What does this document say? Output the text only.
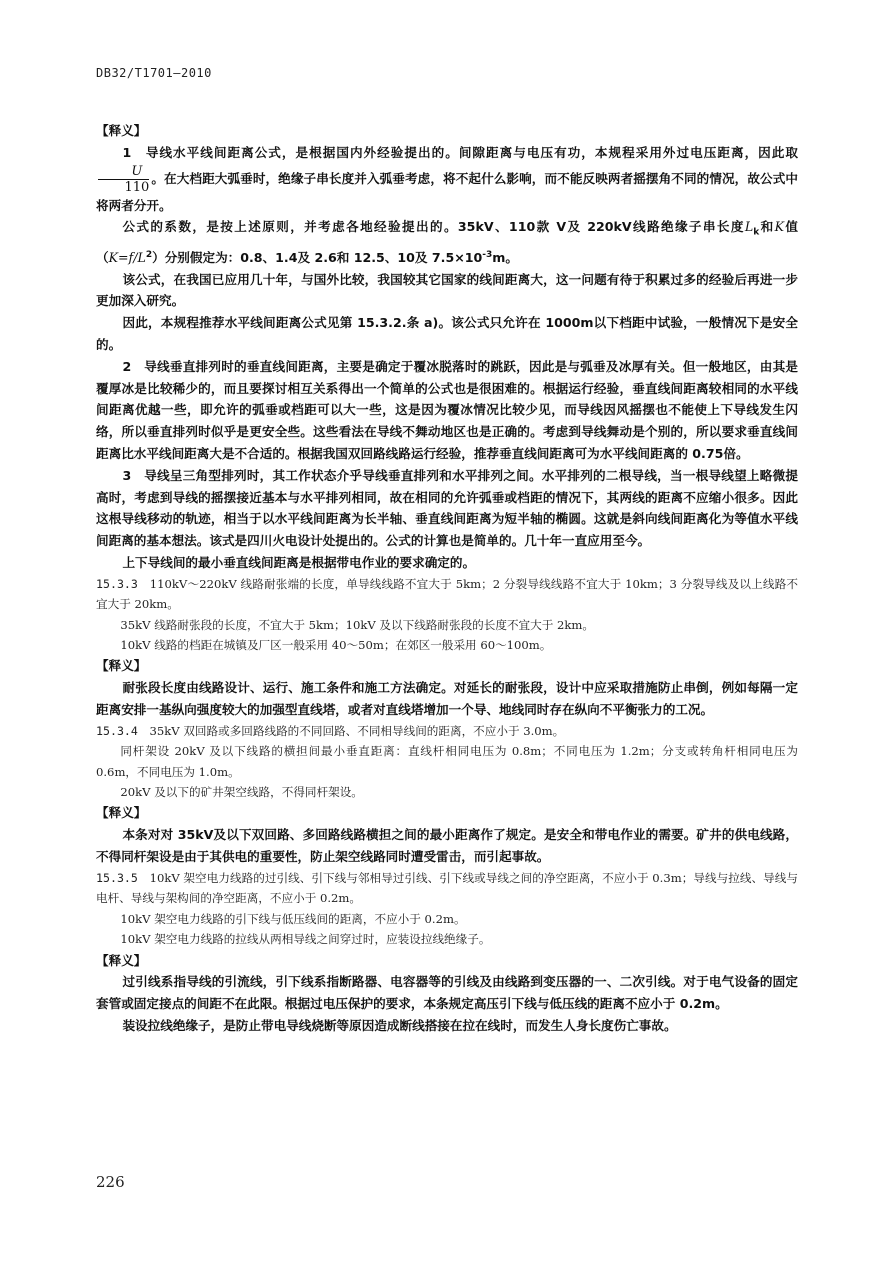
DB32/T1701—2010

【释义】

1　导线水平线间距离公式，是根据国内外经验提出的。间隙距离与电压有功，本规程采用外过电压距离，因此取
$\frac{U}{110}$ 。在大档距大弧垂时，绝缘子串长度并入弧垂考虑，将不起什么影响，而不能反映两者摇摆角不同的情况，故公式中将两者分开。

公式的系数，是按上述原则，并考虑各地经验提出的。35kV、110款 V及 220kV线路绝缘子串长度$L_k$和K值$(K=f/L^2)$分别假定为：0.8、1.4及 2.6和 12.5、10及 $7.5\times 10^{-3}m$。

该公式，在我国已应用几十年，与国外比较，我国较其它国家的线间距离大，这一问题有待于积累过多的经验后再进一步更加深入研究。

因此，本规程推荐水平线间距离公式见第 15.3.2.条 a)。该公式只允许在 1000m以下档距中试验，一般情况下是安全的。

2　导线垂直排列时的垂直线间距离，主要是确定于覆冰脱落时的跳跃，因此是与弧垂及冰厚有关。但一般地区，由其是覆厚冰是比较稀少的，而且要探讨相互关系得出一个简单的公式也是很困难的。根据运行经验，垂直线间距离较相同的水平线间距离优越一些，即允许的弧垂或档距可以大一些，这是因为覆冰情况比较少见，而导线因风摇摆也不能使上下导线发生闪络，所以垂直排列时似乎是更安全些。这些看法在导线不舞动地区也是正确的。考虑到导线舞动是个别的，所以要求垂直线间距离比水平线间距离大是不合适的。根据我国双回路线路运行经验，推荐垂直线间距离可为水平线间距离的 0.75倍。

3　导线呈三角型排列时，其工作状态介乎导线垂直排列和水平排列之间。水平排列的二根导线，当一根导线望上略微提高时，考虑到导线的摇摆接近基本与水平排列相同，故在相同的允许弧垂或档距的情况下，其两线的距离不应缩小很多。因此这根导线移动的轨迹，相当于以水平线间距离为长半轴、垂直线间距离为短半轴的椭圆。这就是斜向线间距离化为等值水平线间距离的基本想法。该式是四川火电设计处提出的。公式的计算也是简单的。几十年一直应用至今。

上下导线间的最小垂直线间距离是根据带电作业的要求确定的。

15.3.3　 110kV～220kV 线路耐张端的长度，单导线线路不宜大于 5km；2 分裂导线线路不宜大于 10km；3 分裂导线及以上线路不宜大于 20km。

35kV 线路耐张段的长度，不宜大于 5km；10kV 及以下线路耐张段的长度不宜大于 2km。

10kV 线路的档距在城镇及厂区一般采用 40～50m；在郊区一般采用 60～100m。

【释义】

耐张段长度由线路设计、运行、施工条件和施工方法确定。对延长的耐张段，设计中应采取措施防止串倒，例如每隔一定距离安排一基纵向强度较大的加强型直线塔，或者对直线塔增加一个导、地线同时存在纵向不平衡张力的工况。

15.3.4　 35kV 双回路或多回路线路的不同回路、不同相导线间的距离，不应小于 3.0m。

同杆架设 20kV 及以下线路的横担间最小垂直距离：直线杆相同电压为 0.8m；不同电压为 1.2m；分支或转角杆相同电压为 0.6m，不同电压为 1.0m。

20kV 及以下的矿井架空线路，不得同杆架设。

【释义】

本条对对 35kV及以下双回路、多回路线路横担之间的最小距离作了规定。是安全和带电作业的需要。矿井的供电线路，不得同杆架设是由于其供电的重要性，防止架空线路同时遭受雷击，而引起事故。

15.3.5　 10kV 架空电力线路的过引线、引下线与邻相导过引线、引下线或导线之间的净空距离，不应小于 0.3m；导线与拉线、导线与电杆、导线与架构间的净空距离，不应小于 0.2m。

10kV 架空电力线路的引下线与低压线间的距离，不应小于 0.2m。

10kV 架空电力线路的拉线从两相导线之间穿过时，应装设拉线绝缘子。

【释义】

过引线系指导线的引流线，引下线系指断路器、电容器等的引线及由线路到变压器的一、二次引线。对于电气设备的固定套管或固定接点的间距不在此限。根据过电压保护的要求，本条规定高压引下线与低压线的距离不应小于 0.2m。

装设拉线绝缘子，是防止带电导线烧断等原因造成断线搭接在拉在线时，而发生人身长度伤亡事故。

226
